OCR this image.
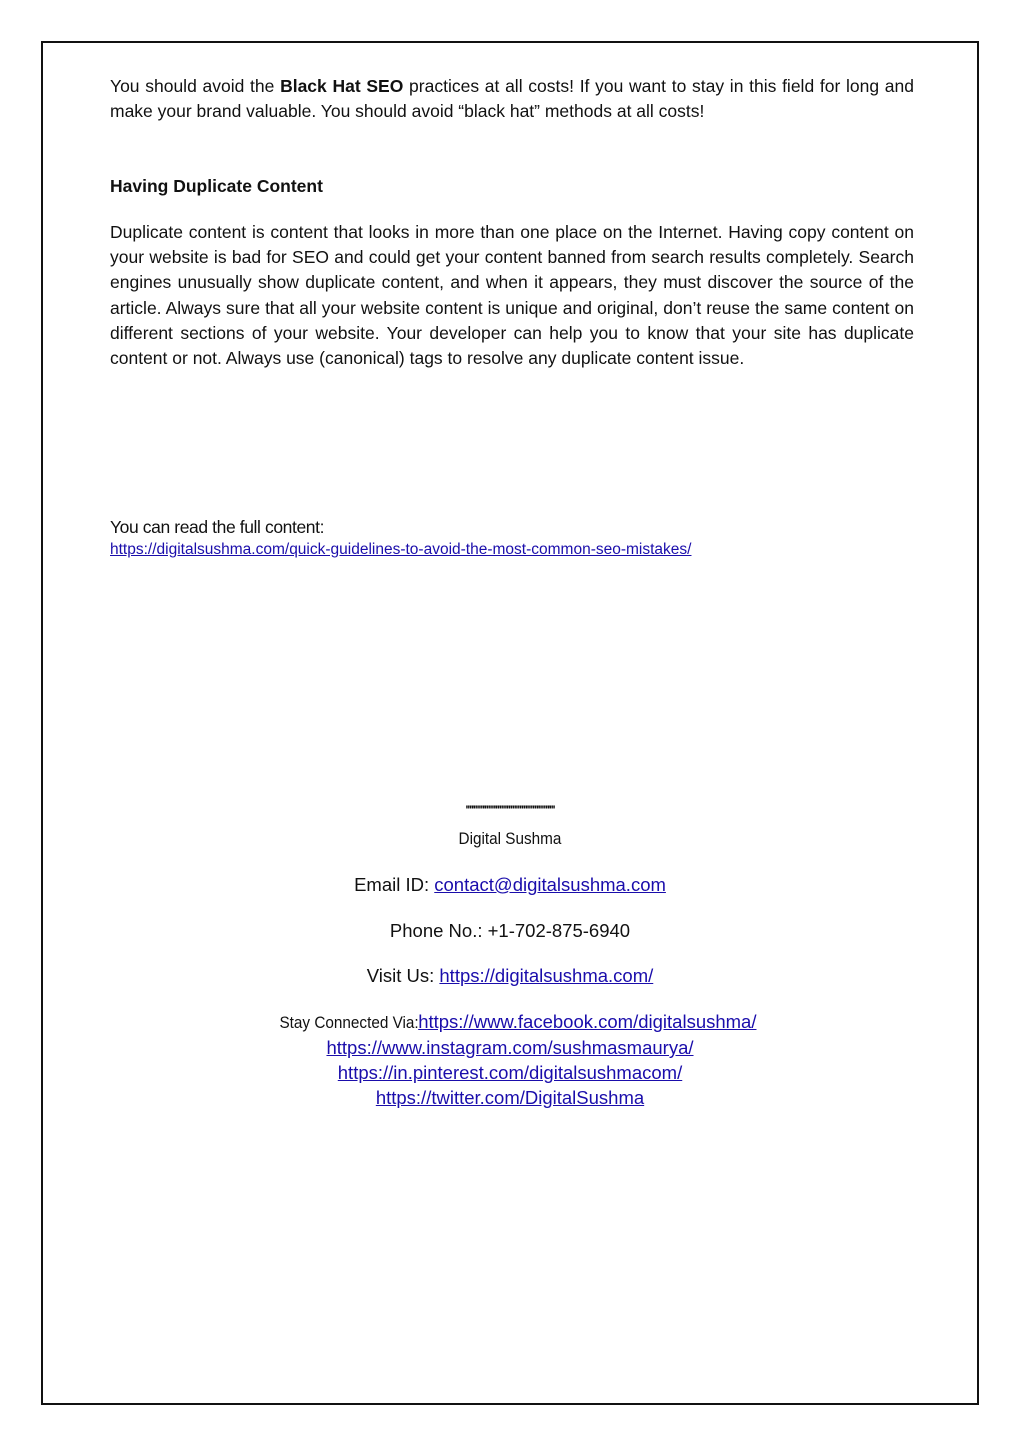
You should avoid the Black Hat SEO practices at all costs! If you want to stay in this field for long and make your brand valuable. You should avoid “black hat” methods at all costs!

Having Duplicate Content

Duplicate content is content that looks in more than one place on the Internet. Having copy content on your website is bad for SEO and could get your content banned from search results completely. Search engines unusually show duplicate content, and when it appears, they must discover the source of the article. Always sure that all your website content is unique and original, don’t reuse the same content on different sections of your website. Your developer can help you to know that your site has duplicate content or not. Always use (canonical) tags to resolve any duplicate content issue.

You can read the full content:
https://digitalsushma.com/quick-guidelines-to-avoid-the-most-common-seo-mistakes/
''''''''''''''''''''''''''''''''''''''''''''''''
Digital Sushma
Email ID: contact@digitalsushma.com
Phone No.: +1-702-875-6940
Visit Us: https://digitalsushma.com/
Stay Connected Via:https://www.facebook.com/digitalsushma/
https://www.instagram.com/sushmasmaurya/
https://in.pinterest.com/digitalsushmacom/
https://twitter.com/DigitalSushma
